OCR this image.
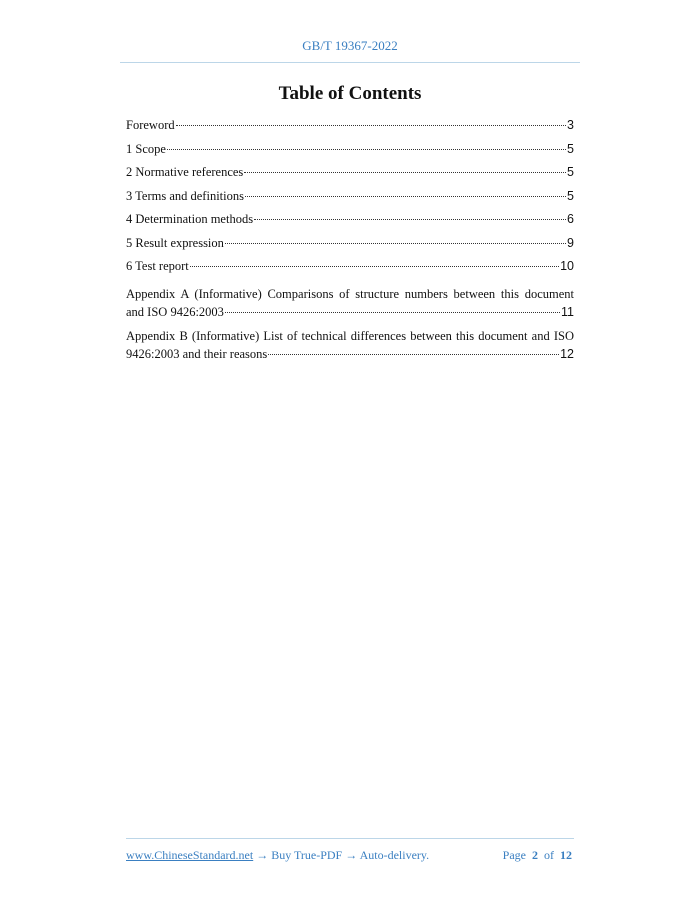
GB/T 19367-2022
Table of Contents
Foreword	3
1 Scope	5
2 Normative references	5
3 Terms and definitions	5
4 Determination methods	6
5 Result expression	9
6 Test report	10
Appendix A (Informative) Comparisons of structure numbers between this document
and ISO 9426:2003	11
Appendix B (Informative) List of technical differences between this document and ISO
9426:2003 and their reasons	12
www.ChineseStandard.net → Buy True-PDF → Auto-delivery.	Page 2 of 12
